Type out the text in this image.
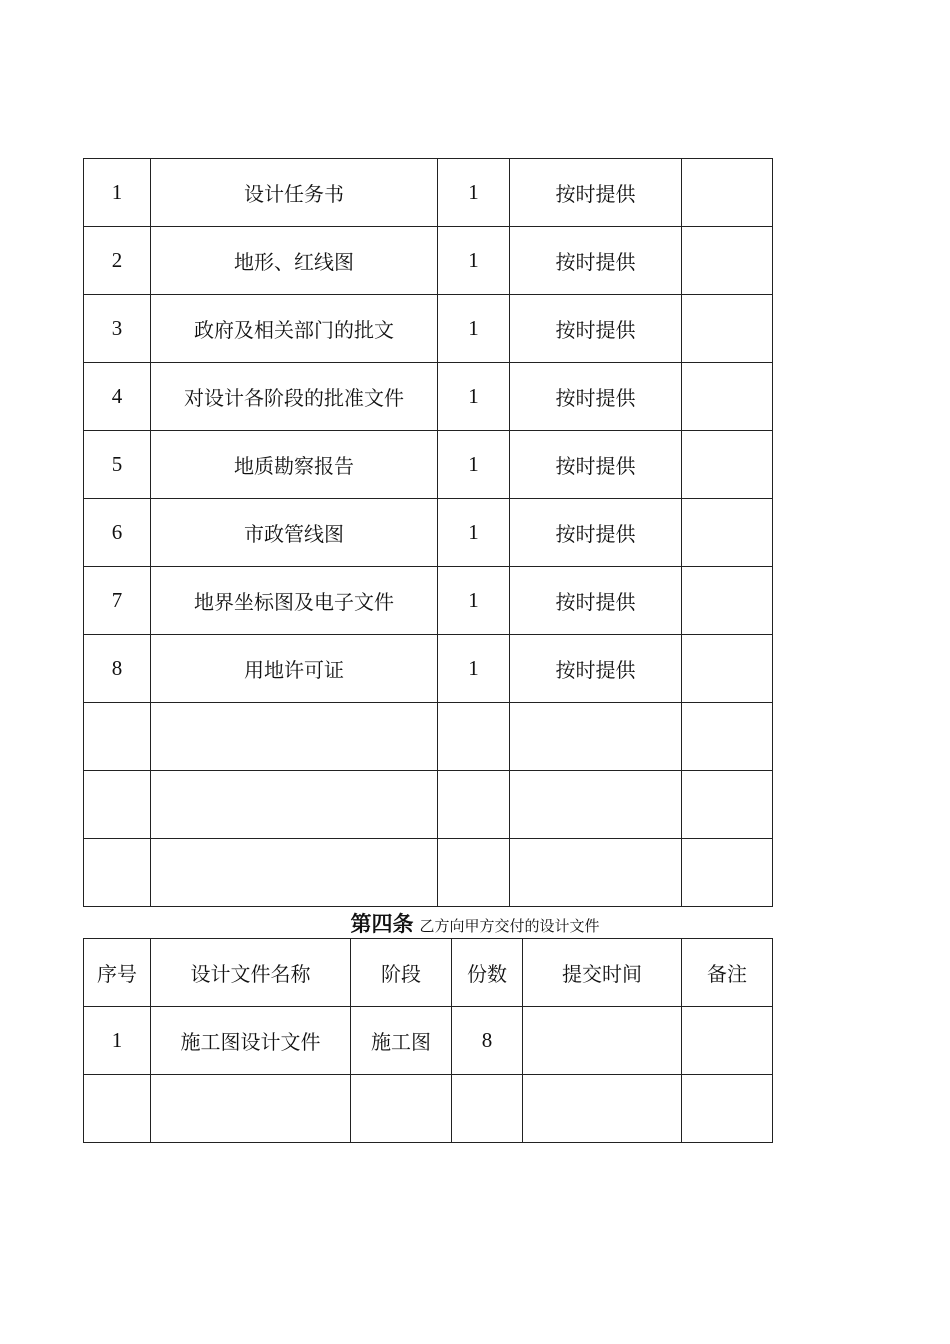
1	设计任务书	1	按时提供	
2	地形、红线图	1	按时提供	
3	政府及相关部门的批文	1	按时提供	
4	对设计各阶段的批准文件	1	按时提供	
5	地质勘察报告	1	按时提供	
6	市政管线图	1	按时提供	
7	地界坐标图及电子文件	1	按时提供	
8	用地许可证	1	按时提供	

第四条 乙方向甲方交付的设计文件
序号	设计文件名称	阶段	份数	提交时间	备注
1	施工图设计文件	施工图	8		
